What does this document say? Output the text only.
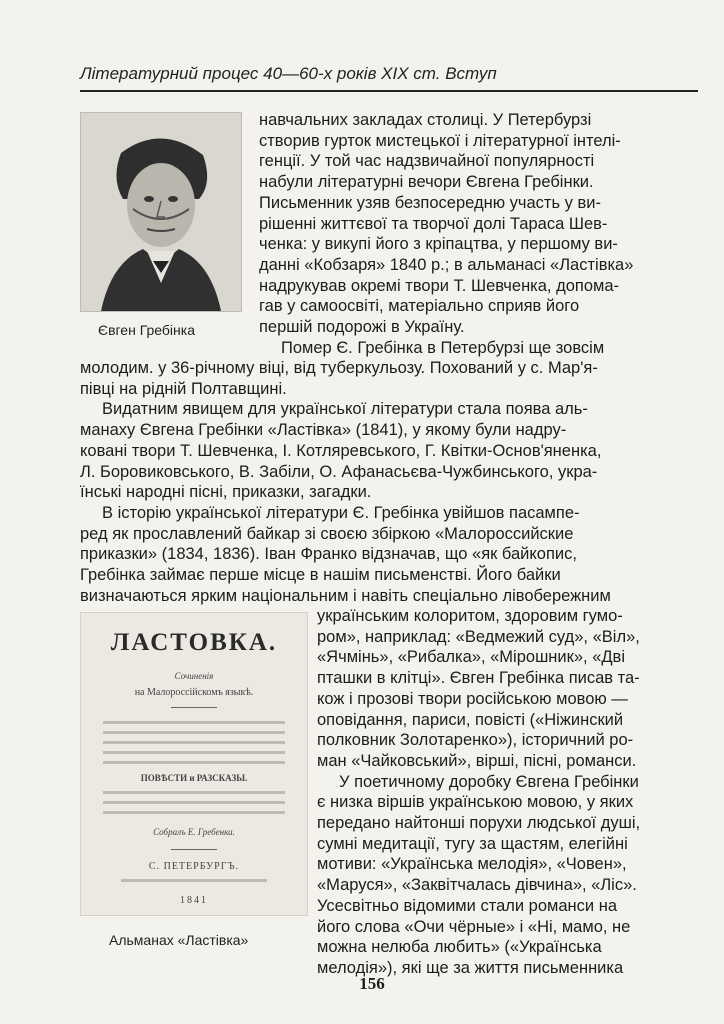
Літературний процес 40—60-х років XIX ст. Вступ
Євген Гребінка

навчальних закладах столиці. У Петербурзі

створив гурток мистецької і літературної інтелі-

генції. У той час надзвичайної популярності

набули літературні вечори Євгена Гребінки.

Письменник узяв безпосередню участь у ви-

рішенні життєвої та творчої долі Тараса Шев-

ченка: у викупі його з кріпацтва, у першому ви-

данні «Кобзаря» 1840 р.; в альманасі «Ластівка»

надрукував окремі твори Т. Шевченка, допома-

гав у самоосвіті, матеріально сприяв його

першій подорожі в Україну.

Помер Є. Гребінка в Петербурзі ще зовсім

молодим. у 36-річному віці, від туберкульозу. Похований у с. Мар'я-

півці на рідній Полтавщині.

Видатним явищем для української літератури стала поява аль-

манаху Євгена Гребінки «Ластівка» (1841), у якому були надру-

ковані твори Т. Шевченка, І. Котляревського, Г. Квітки-Основ'яненка,

Л. Боровиковського, В. Забіли, О. Афанасьєва-Чужбинського, укра-

їнські народні пісні, приказки, загадки.

В історію української літератури Є. Гребінка увійшов пасампе-

ред як прославлений байкар зі своєю збіркою «Малороссийские

приказки» (1834, 1836). Іван Франко відзначав, що «як байкопис,

Гребінка займає перше місце в нашім письменстві. Його байки

визначаються ярким національним і навіть спеціально лівобережним

ЛАСТОВКА.
Сочиненія
на Малороссійскомъ языкѣ.
ПОВѢСТИ и РАЗСКАЗЫ.
Собралъ Е. Гребенка.
С. ПЕТЕРБУРГЪ.
1841
Альманах «Ластівка»

українським колоритом, здоровим гумо-

ром», наприклад: «Ведмежий суд», «Віл»,

«Ячмінь», «Рибалка», «Мірошник», «Дві

пташки в клітці». Євген Гребінка писав та-

кож і прозові твори російською мовою —

оповідання, париси, повісті («Ніжинский

полковник Золотаренко»), історичний ро-

ман «Чайковський», вірші, пісні, романси.

У поетичному доробку Євгена Гребінки

є низка віршів українською мовою, у яких

передано найтонші порухи людської душі,

сумні медитації, тугу за щастям, елегійні

мотиви: «Українська мелодія», «Човен»,

«Маруся», «Заквітчалась дівчина», «Ліс».

Усесвітньо відомими стали романси на

його слова «Очи чёрные» і «Ні, мамо, не

можна нелюба любить» («Українська

мелодія»), які ще за життя письменника

156
